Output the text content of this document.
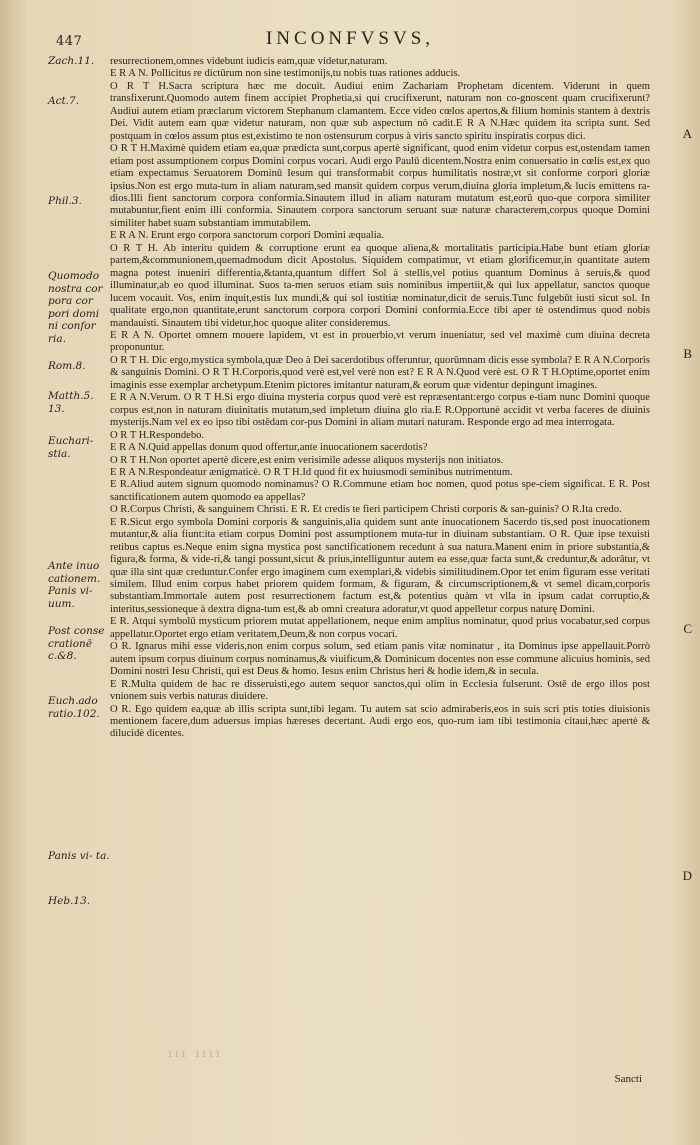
447	INCONFVSVS,
Zach.11.
Act.7.
Phil.3.
Quomodo nostra cor pora cor pori domi ni confor ria.
Rom.8.
Matth.5. 13.
Euchari- stia.
Ante inuo cationem.
Panis vi- uum.
Post conse crationē c.&8.
Euch.ado ratio.102.
Panis vi- ta.
Heb.13.
A
B
C
D

resurrectionem,omnes videbunt iudicis eam,quæ videtur,naturam.

E R A N. Pollicitus re dictūrum non sine testimonijs,tu nobis tuas rationes adducis.

O R T H.Sacra scriptura hæc me docuit. Audiui enim Zachariam Prophetam dicentem. Viderunt in quem transfixerunt.Quomodo autem finem accipiet Prophetia,si qui crucifixerunt, naturam non co-gnoscent quam crucifixerunt? Audiui autem etiam præclarum victorem Stephanum clamantem. Ecce video cœlos apertos,& filium hominis stantem à dextris Dei. Vidit autem eam quæ videtur naturam, non quæ sub aspectum nō cadit.E R A N.Hæc quidem ita scripta sunt. Sed postquam in cœlos assum ptus est,existimo te non ostensurum corpus à viris sancto spiritu inspiratis corpus dici.

O R T H.Maximè quidem etiam ea,quæ prædicta sunt,corpus apertè significant, quod enim videtur corpus est,ostendam tamen etiam post assumptionem corpus Domini corpus vocari. Audi ergo Paulū dicentem.Nostra enim conuersatio in cœlis est,ex quo etiam expectamus Seruatorem Dominū Iesum qui transformabit corpus humilitatis nostræ,vt sit conforme corpori gloriæ ipsius.Non est ergo muta-tum in aliam naturam,sed mansit quidem corpus verum,diuina gloria impletum,& lucis emittens ra-dios.Illi fient sanctorum corpora conformia.Sinautem illud in aliam naturam mutatum est,eorū quo-que corpora similiter mutabuntur,fient enim illi conformia. Sinautem corpora sanctorum seruant suæ naturæ characterem,corpus quoque Domini similiter habet suam substantiam immutabilem.

E R A N. Erunt ergo corpora sanctorum corpori Domini æqualia.

O R T H. Ab interitu quidem & corruptione erunt ea quoque aliena,& mortalitatis participia.Habe bunt etiam gloriæ partem,&communionem,quemadmodum dicit Apostolus. Siquidem compatimur, vt etiam glorificemur,in quantitate autem magna potest inueniri differentia,&tanta,quantum differt Sol à stellis,vel potius quantum Dominus à seruis,& quod illuminatur,ab eo quod illuminat. Suos ta-men seruos etiam suis nominibus impertiit,& qui lux appellatur, sanctos quoque lucem vocauit. Vos, enim inquit,estis lux mundi,& qui sol iustitiæ nominatur,dicit de seruis.Tunc fulgebūt iusti sicut sol. In qualitate ergo,non quantitate,erunt sanctorum corpora corpori Domini conformia.Ecce tibi aper tè ostendimus quod nobis mandauisti. Sinautem tibi videtur,hoc quoque aliter consideremus.

E R A N. Oportet omnem mouere lapidem, vt est in prouerbio,vt verum inueniatur, sed vel maximè cum diuina decreta proponuntur.

O R T H. Dic ergo,mystica symbola,quæ Deo à Dei sacerdotibus offeruntur, quorūmnam dicis esse symbola? E R A N.Corporis & sanguinis Domini. O R T H.Corporis,quod verè est,vel verè non est? E R A N.Quod verè est. O R T H.Optime,oportet enim imaginis esse exemplar archetypum.Etenim pictores imitantur naturam,& eorum quæ videntur depingunt imagines.

E R A N.Verum. O R T H.Si ergo diuina mysteria corpus quod verè est repræsentant:ergo corpus e-tiam nunc Domini quoque corpus est,non in naturam diuinitatis mutatum,sed impletum diuina glo ria.E R.Opportunè accidit vt verba faceres de diuinis mysterijs.Nam vel ex eo ipso tibi ostēdam cor-pus Domini in aliam mutari naturam. Responde ergo ad mea interrogata.

O R T H.Respondebo.

E R A N.Quid appellas donum quod offertur,ante inuocationem sacerdotis?

O R T H.Non oportet apertè dicere,est enim verisimile adesse aliquos mysterijs non initiatos.

E R A N.Respondeatur ænigmaticè. O R T H.Id quod fit ex huiusmodi seminibus nutrimentum.

E R.Aliud autem signum quomodo nominamus? O R.Commune etiam hoc nomen, quod potus spe-ciem significat. E R. Post sanctificationem autem quomodo ea appellas?

O R.Corpus Christi, & sanguinem Christi. E R. Et credis te fieri participem Christi corporis & san-guinis? O R.Ita credo.

E R.Sicut ergo symbola Domini corporis & sanguinis,alia quidem sunt ante inuocationem Sacerdo tis,sed post inuocationem mutantur,& alia fiunt:ita etiam corpus Domini post assumptionem muta-tur in diuinam substantiam. O R. Quæ ipse texuisti retibus captus es.Neque enim signa mystica post sanctificationem recedunt à sua natura.Manent enim in priore substantia,& figura,& forma, & vide-ri,& tangi possunt,sicut & prius,intelliguntur autem ea esse,quæ facta sunt,& creduntur,& adorātur, vt quæ illa sint quæ creduntur.Confer ergo imaginem cum exemplari,& videbis similitudinem.Opor tet enim figuram esse veritati similem. Illud enim corpus habet priorem quidem formam, & figuram, & circumscriptionem,& vt semel dicam,corporis substantiam.Immortale autem post resurrectionem factum est,& potentius quàm vt vlla in ipsum cadat corruptio,& interitus,sessioneque à dextra digna-tum est,& ab omni creatura adoratur,vt quod appelletur corpus naturę Domini.

E R. Atqui symbolū mysticum priorem mutat appellationem, neque enim amplius nominatur, quod prius vocabatur,sed corpus appellatur.Oportet ergo etiam veritatem,Deum,& non corpus vocari.

O R. Ignarus mihi esse videris,non enim corpus solum, sed etiam panis vitæ nominatur , ita Dominus ipse appellauit.Porrò autem ipsum corpus diuinum corpus nominamus,& viuificum,& Dominicum docentes non esse commune alicuius hominis, sed Domini nostri Iesu Christi, qui est Deus & homo. Iesus enim Christus heri & hodie idem,& in secula.

E R.Multa quidem de hac re disseruisti,ego autem sequor sanctos,qui olim in Ecclesia fulserunt. Ostē de ergo illos post vnionem suis verbis naturas diuidere.

O R. Ego quidem ea,quæ ab illis scripta sunt,tibi legam. Tu autem sat scio admiraberis,eos in suis scri ptis toties diuisionis mentionem facere,dum aduersus impias hæreses decertant. Audi ergo eos, quo-rum iam tibi testimonia citaui,hæc apertè & dilucidè dicentes.

ııı ıııı
Sancti
